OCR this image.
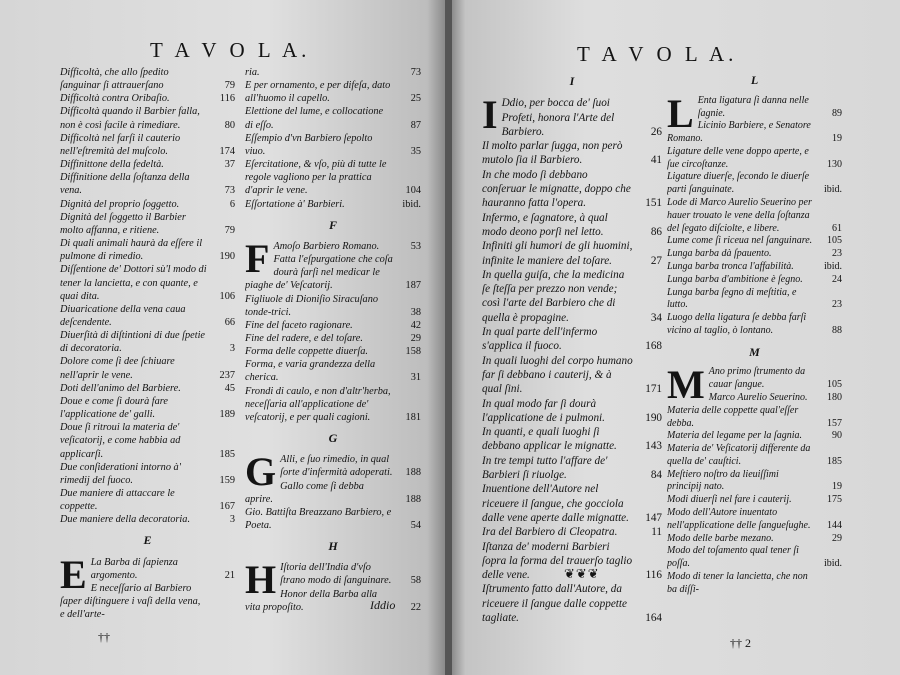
T A V O L A.
Difficoltà, che allo ſpedito ſanguinar ſi attrauerſano	79
Difficoltà contra Oribaſio.	116
Difficoltà quando il Barbier falla, non è così facile à rimediare.	80
Difficoltà nel farſi il cauterio nell'eſtremità del muſcolo.	174
Diffinittone della fedeltà.	37
Diffinitione della ſoſtanza della vena.	73
Dignità del proprio ſoggetto.	6
Dignità del ſoggetto il Barbier molto affanna, e ritiene.	79
Di quali animali haurà da eſſere il pulmone di rimedio.	190
Diſſentione de' Dottori sù'l modo di tener la lancietta, e con quante, e quai dita.	106
Diuaricatione della vena caua deſcendente.	66
Diuerſità di diſtintioni di due ſpetie di decoratoria.	3
Dolore come ſi dee ſchiuare nell'aprir le vene.	237
Doti dell'animo del Barbiere.	45
Doue e come ſi dourà fare l'applicatione de' galli.	189
Doue ſi ritroui la materia de' veſicatorij, e come habbia ad applicarſi.	185
Due conſiderationi intorno à' rimedij del fuoco.	159
Due maniere di attaccare le coppette.	167
Due maniere della decoratoria.	3
E
E La Barba di ſapienza argomento.	21
E neceſſario al Barbiero ſaper diſtinguere i vaſi della vena, e dell'arte-
ria.	73
E per ornamento, e per difeſa, dato all'huomo il capello.	25
Elettione del lume, e collocatione di eſſo.	87
Eſſempio d'vn Barbiero ſepolto viuo.	35
Eſercitatione, & vſo, più di tutte le regole vagliono per la prattica d'aprir le vene.	104
Eſſortatione à' Barbieri.	ibid.
F
F Amoſo Barbiero Romano.	53
Fatta l'eſpurgatione che coſa dourà farſi nel medicar le piaghe de' Veſcatorij.	187
Figliuole di Dioniſio Siracuſano tonde-trici.	38
Fine del faceto ragionare.	42
Fine del radere, e del toſare.	29
Forma delle coppette diuerſa.	158
Forma, e varia grandezza della cherica.	31
Frondi di caulo, e non d'altr'herba, neceſſaria all'applicatione de' veſcatorij, e per quali cagioni.	181
G
G Alli, e ſuo rimedio, in qual ſorte d'infermità adoperati.	188
Gallo come ſi debba aprire.	188
Gio. Battiſta Breazzano Barbiero, e Poeta.	54
H
H Iſtoria dell'India d'vſo ſtrano modo di ſanguinare.	58
Honor della Barba alla vita propoſito.	22
††
Iddio
T A V O L A.
I
I Ddio, per bocca de' ſuoi Profeti, honora l'Arte del Barbiero.	26
Il molto parlar ſugga, non però mutolo ſia il Barbiero.	41
In che modo ſi debbano conſeruar le mignatte, doppo che hauranno fatta l'opera.	151
Infermo, e ſagnatore, à qual modo deono porſi nel letto.	86
Infiniti gli humori de gli huomini, infinite le maniere del toſare.	27
In quella guiſa, che la medicina ſe ſteſſa per prezzo non vende; così l'arte del Barbiero che di quella è propagine.	34
In qual parte dell'infermo s'applica il fuoco.	168
In quali luoghi del corpo humano far ſi debbano i cauterij, & à qual ſini.	171
In qual modo far ſi dourà l'applicatione de i pulmoni.	190
In quanti, e quali luoghi ſi debbano applicar le mignatte.	143
In tre tempi tutto l'affare de' Barbieri ſi riuolge.	84
Inuentione dell'Autore nel riceuere il ſangue, che gocciola dalle vene aperte dalle mignatte.	147
Ira del Barbiero di Cleopatra.	11
Iſtanza de' moderni Barbieri ſopra la forma del trauerſo taglio delle vene.	116
Iſtrumento fatto dall'Autore, da riceuere il ſangue dalle coppette tagliate.	164
L
L Enta ligatura ſi danna nelle ſagnie.	89
Licinio Barbiere, e Senatore Romano.	19
Ligature delle vene doppo aperte, e ſue circoſtanze.	130
Ligature diuerſe, ſecondo le diuerſe parti ſanguinate.	ibid.
Lode di Marco Aurelio Seuerino per hauer trouato le vene della ſoſtanza del ſegato diſciolte, e libere.	61
Lume come ſi riceua nel ſanguinare.	105
Lunga barba dà ſpauento.	23
Lunga barba tronca l'affabilità.	ibid.
Lunga barba d'ambitione è ſegno.	24
Lunga barba ſegno di meſtitia, e lutto.	23
Luogo della ligatura ſe debba farſi vicino al taglio, ò lontano.	88
M
M Ano primo ſtrumento da cauar ſangue.	105
Marco Aurelio Seuerino.	180
Materia delle coppette qual'eſſer debba.	157
Materia del legame per la ſagnia.	90
Materia de' Veſicatorij differente da quella de' cauſtici.	185
Meſtiero noſtro da lieuiſſimi principij nato.	19
Modi diuerſi nel fare i cauterij.	175
Modo dell'Autore inuentato nell'applicatione delle ſangueſughe.	144
Modo delle barbe mezano.	29
Modo del toſamento qual tener ſi poſſa.	ibid.
Modo di tener la lancietta, che non ba diſſi-
❦❦❦
†† 2
